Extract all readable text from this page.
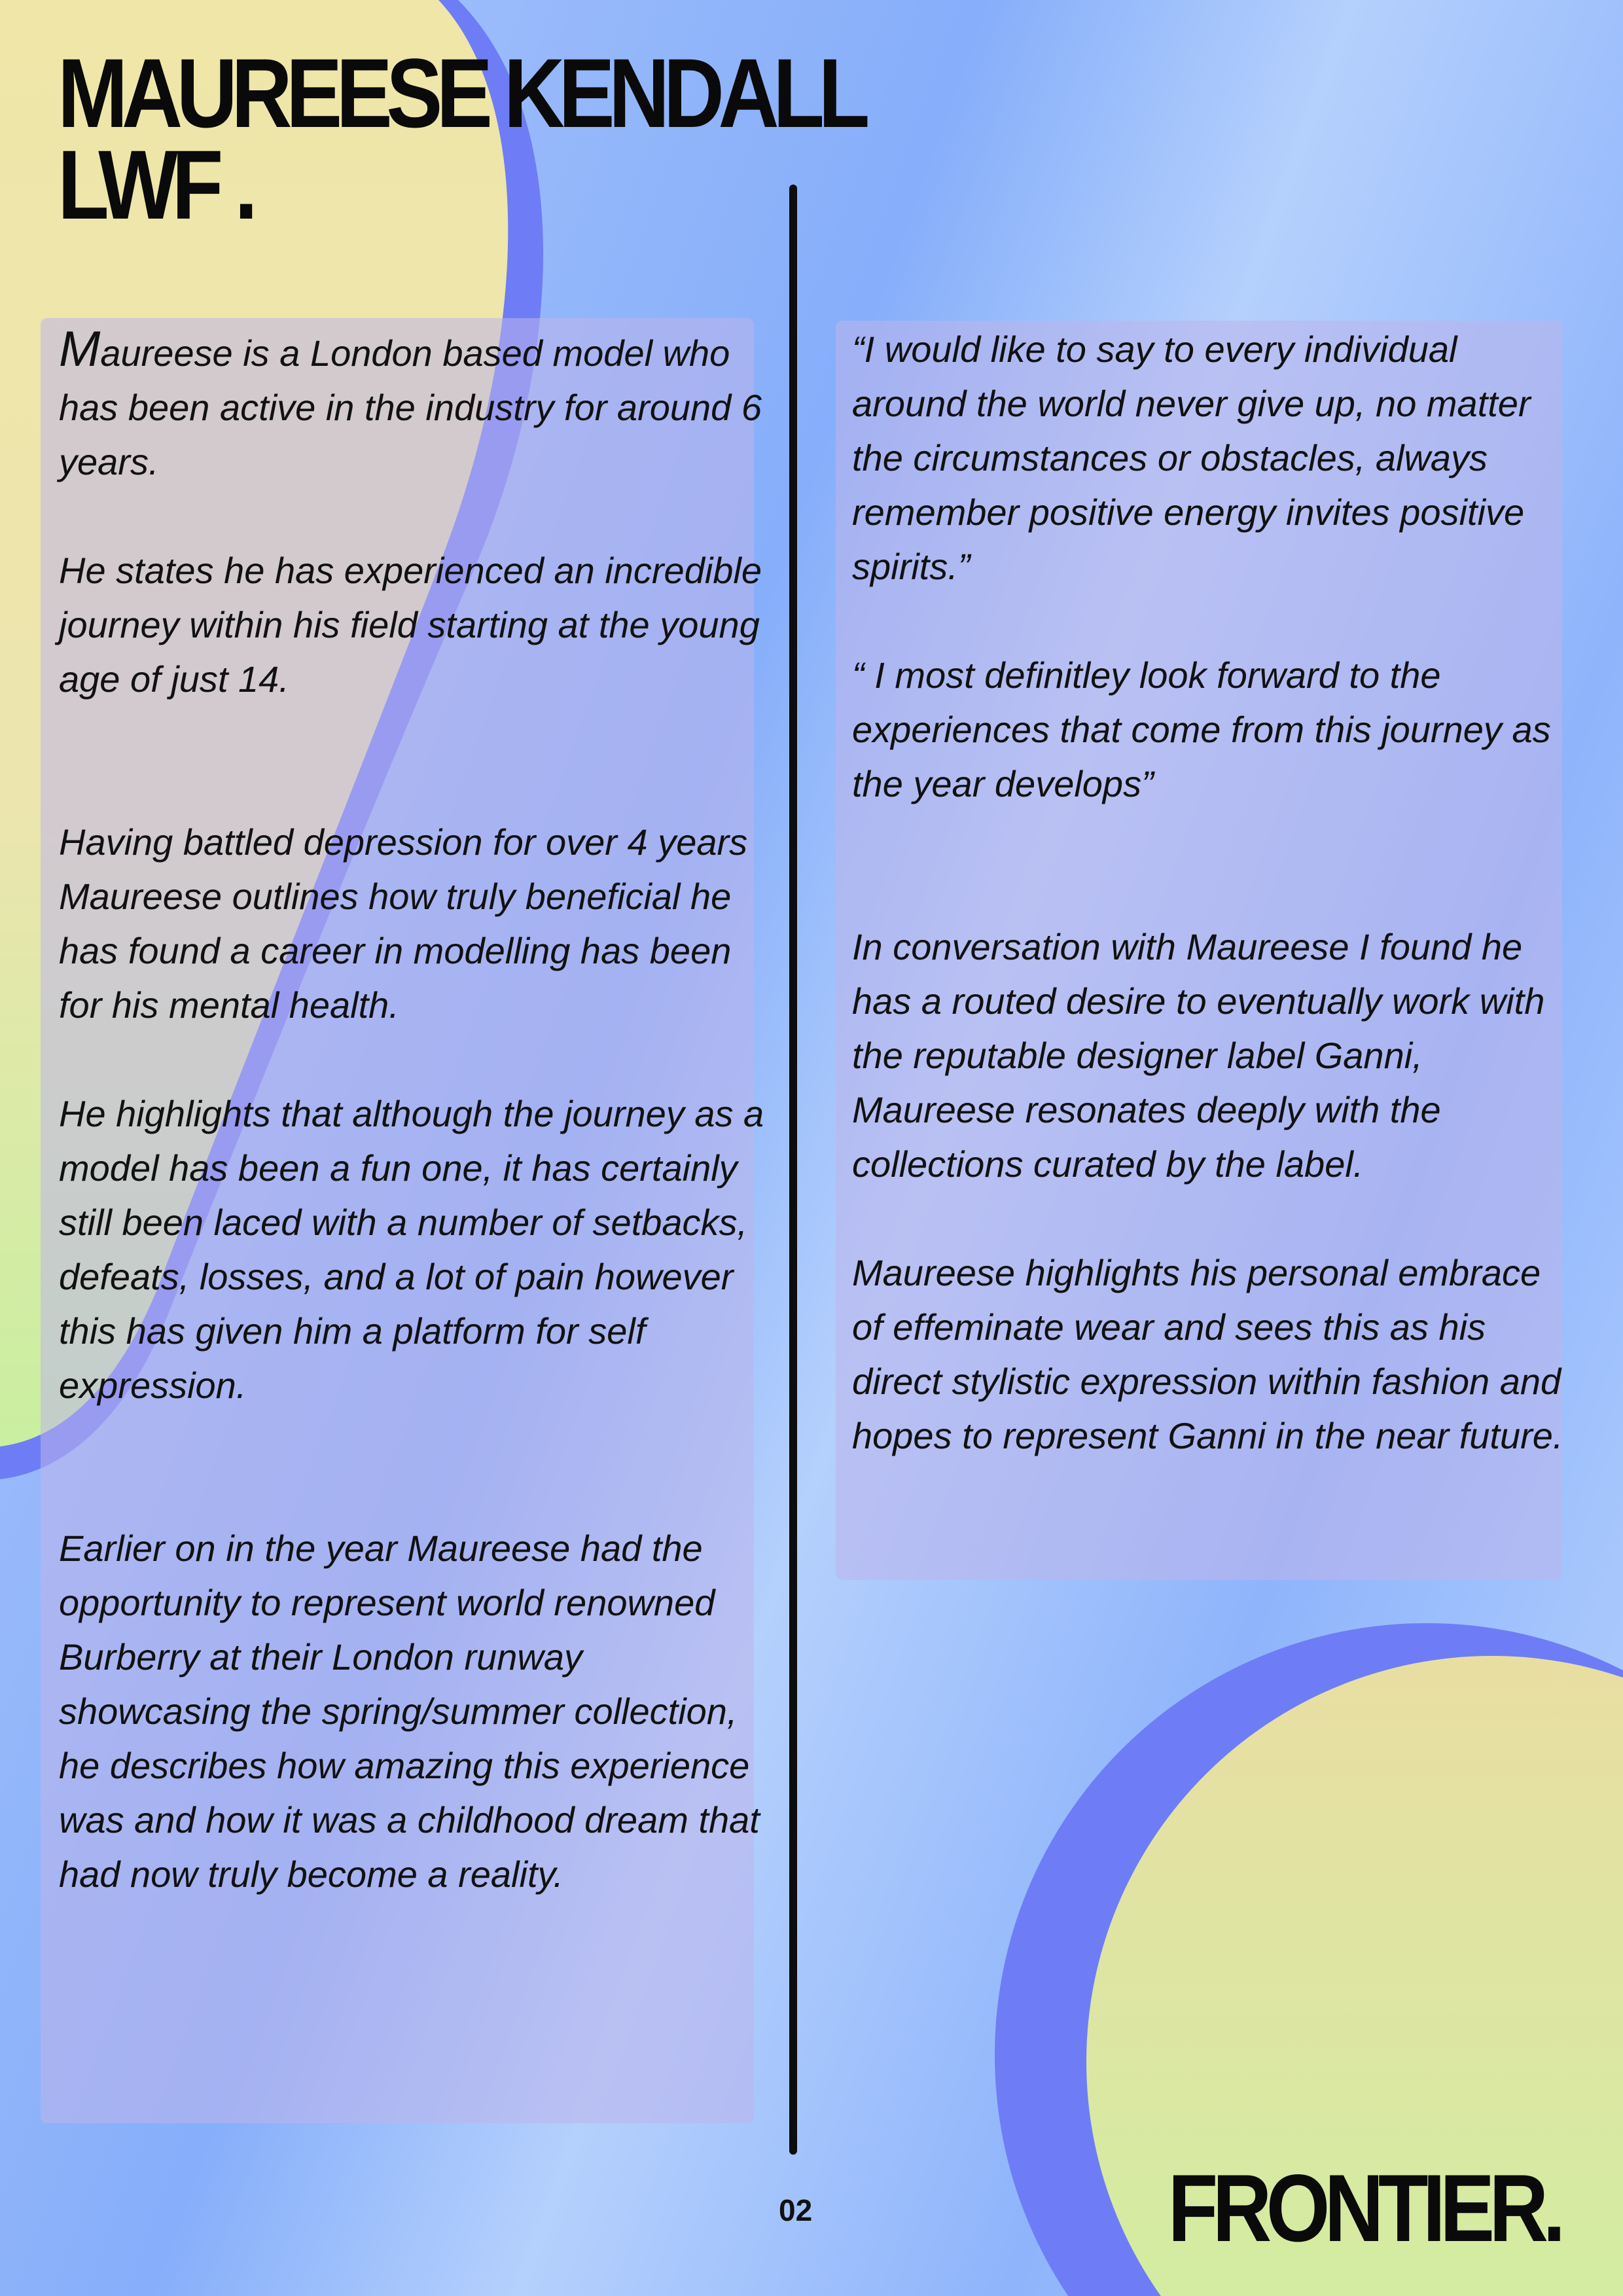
MAUREESE KENDALL
LWF .

Maureese is a London based model who has been active in the industry for around 6 years.

He states he has experienced an incredible journey within his field starting at the young age of just 14.

Having battled depression for over 4 years Maureese outlines how truly beneficial he has found a career in modelling has been for his mental health.

He highlights that although the journey as a model has been a fun one, it has certainly still been laced with a number of setbacks, defeats, losses, and a lot of pain however this has given him a platform for self expression.

Earlier on in the year Maureese had the opportunity to represent world renowned Burberry at their London runway showcasing the spring/summer collection, he describes how amazing this experience was and how it was a childhood dream that had now truly become a reality.

“I would like to say to every individual around the world never give up, no matter the circumstances or obstacles, always remember positive energy invites positive spirits.”

“ I most definitley look forward to the experiences that come from this journey as the year develops”

In conversation with Maureese I found he has a routed desire to eventually work with the reputable designer label Ganni, Maureese resonates deeply with the collections curated by the label.

Maureese highlights his personal embrace of effeminate wear and sees this as his direct stylistic expression within fashion and hopes to represent Ganni in the near future.

02	FRONTIER.
